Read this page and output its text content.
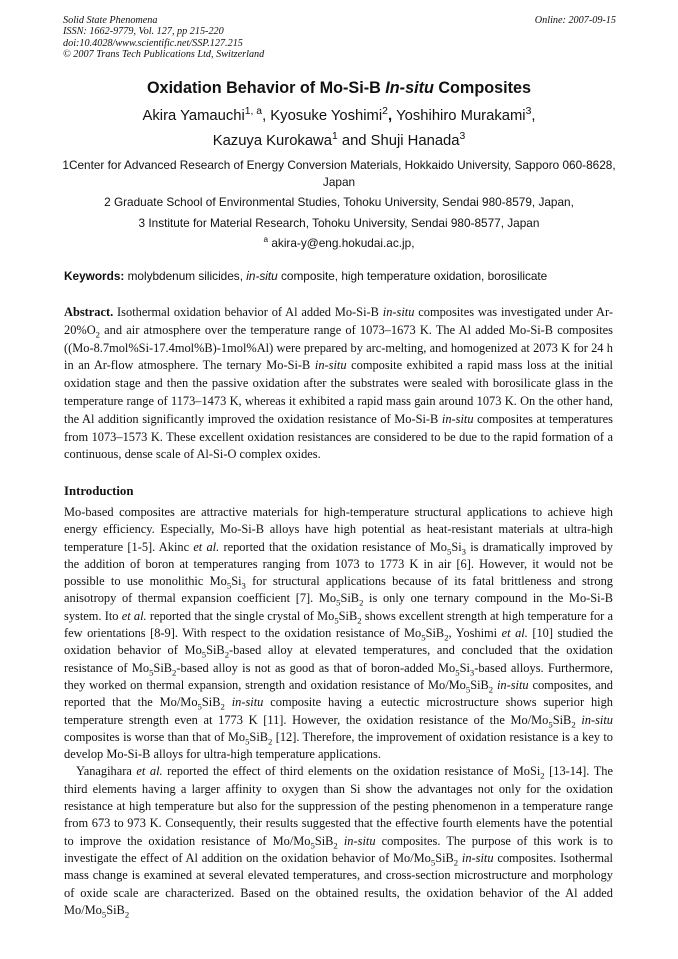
Solid State Phenomena
ISSN: 1662-9779, Vol. 127, pp 215-220
doi:10.4028/www.scientific.net/SSP.127.215
© 2007 Trans Tech Publications Ltd, Switzerland
Online: 2007-09-15
Oxidation Behavior of Mo-Si-B In-situ Composites
Akira Yamauchi$^{1, a}$, Kyosuke Yoshimi$^2$, Yoshihiro Murakami$^3$,
Kazuya Kurokawa$^1$ and Shuji Hanada$^3$
1Center for Advanced Research of Energy Conversion Materials, Hokkaido University, Sapporo 060-8628, Japan
2 Graduate School of Environmental Studies, Tohoku University, Sendai 980-8579, Japan,
3 Institute for Material Research, Tohoku University, Sendai 980-8577, Japan
$^a$ akira-y@eng.hokudai.ac.jp,
Keywords: molybdenum silicides, in-situ composite, high temperature oxidation, borosilicate
Abstract. Isothermal oxidation behavior of Al added Mo-Si-B in-situ composites was investigated under $Ar-20\%O_2$ and air atmosphere over the temperature range of 1073–1673 K. The Al added Mo-Si-B composites ((Mo-8.7mol%Si-17.4mol%B)-1mol%Al) were prepared by arc-melting, and homogenized at 2073 K for 24 h in an Ar-flow atmosphere. The ternary Mo-Si-B in-situ composite exhibited a rapid mass loss at the initial oxidation stage and then the passive oxidation after the substrates were sealed with borosilicate glass in the temperature range of 1173–1473 K, whereas it exhibited a rapid mass gain around 1073 K. On the other hand, the Al addition significantly improved the oxidation resistance of Mo-Si-B in-situ composites at temperatures from 1073–1573 K. These excellent oxidation resistances are considered to be due to the rapid formation of a continuous, dense scale of Al-Si-O complex oxides.
Introduction

Mo-based composites are attractive materials for high-temperature structural applications to achieve high energy efficiency. Especially, Mo-Si-B alloys have high potential as heat-resistant materials at ultra-high temperature [1-5]. Akinc et al. reported that the oxidation resistance of $Mo_5Si_3$ is dramatically improved by the addition of boron at temperatures ranging from 1073 to 1773 K in air [6]. However, it would not be possible to use monolithic $Mo_5Si_3$ for structural applications because of its fatal brittleness and strong anisotropy of thermal expansion coefficient [7]. $Mo_5SiB_2$ is only one ternary compound in the Mo-Si-B system. Ito et al. reported that the single crystal of $Mo_5SiB_2$ shows excellent strength at high temperature for a few orientations [8-9]. With respect to the oxidation resistance of $Mo_5SiB_2$, Yoshimi et al. [10] studied the oxidation behavior of $Mo_5SiB_2$-based alloy at elevated temperatures, and concluded that the oxidation resistance of $Mo_5SiB_2$-based alloy is not as good as that of boron-added $Mo_5Si_3$-based alloys. Furthermore, they worked on thermal expansion, strength and oxidation resistance of $Mo/Mo_5SiB_2$ in-situ composites, and reported that the $Mo/Mo_5SiB_2$ in-situ composite having a eutectic microstructure shows superior high temperature strength even at 1773 K [11]. However, the oxidation resistance of the $Mo/Mo_5SiB_2$ in-situ composites is worse than that of $Mo_5SiB_2$ [12]. Therefore, the improvement of oxidation resistance is a key to develop Mo-Si-B alloys for ultra-high temperature applications.

Yanagihara et al. reported the effect of third elements on the oxidation resistance of MoSi$_2$ [13-14]. The third elements having a larger affinity to oxygen than Si show the advantages not only for the oxidation resistance at high temperature but also for the suppression of the pesting phenomenon in a temperature range from 673 to 973 K. Consequently, their results suggested that the effective fourth elements have the potential to improve the oxidation resistance of $Mo/Mo_5SiB_2$ in-situ composites. The purpose of this work is to investigate the effect of Al addition on the oxidation behavior of $Mo/Mo_5SiB_2$ in-situ composites. Isothermal mass change is examined at several elevated temperatures, and cross-section microstructure and morphology of oxide scale are characterized. Based on the obtained results, the oxidation behavior of the Al added $Mo/Mo_5SiB_2$
